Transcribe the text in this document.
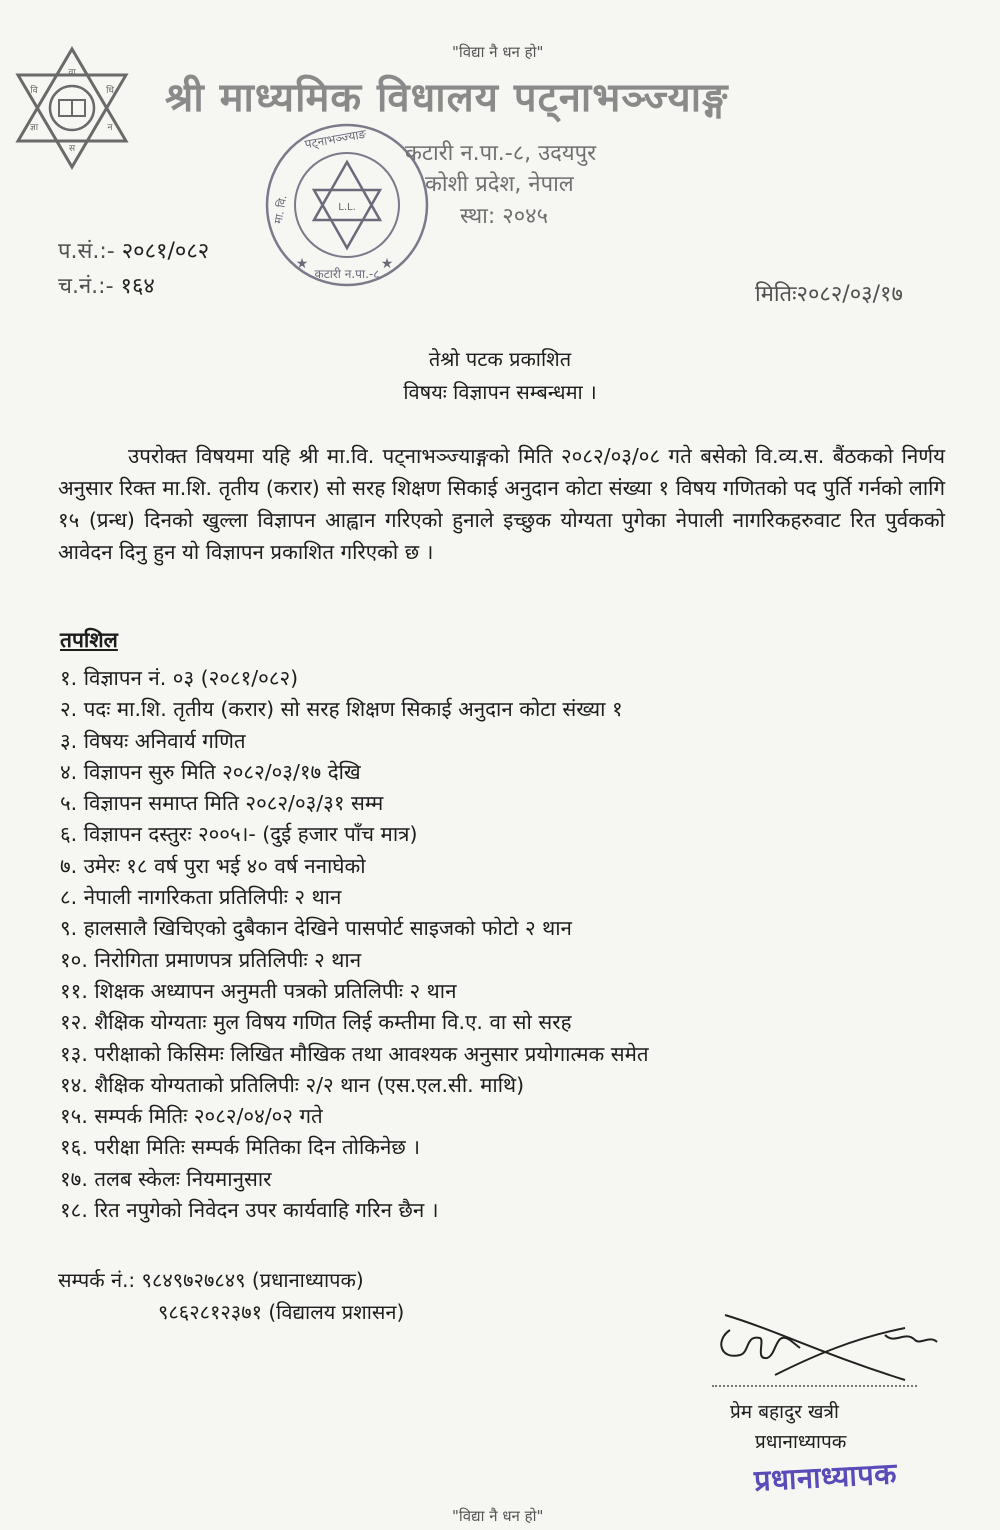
"विद्या नै धन हो"
वा
वि	धि
ज्ञा	न
स
श्री माध्यमिक विधालय पट्नाभञ्ज्याङ्ग
L.L.
पट्नाभञ्ज्याङ
कटारी न.पा.-८
मा. वि.
★
★
कटारी न.पा.-८, उदयपुर
कोशी प्रदेश, नेपाल
स्था: २०४५
प.सं.:- २०८१/०८२
च.नं.:- १६४	मितिः२०८२/०३/१७
तेश्रो पटक प्रकाशित
विषयः विज्ञापन सम्बन्धमा ।

उपरोक्त विषयमा यहि श्री मा.वि. पट्नाभञ्ज्याङ्गको मिति २०८२/०३/०८ गते बसेको वि.व्य.स. बैंठकको निर्णय अनुसार रिक्त मा.शि. तृतीय (करार) सो सरह शिक्षण सिकाई अनुदान कोटा संख्या १ विषय गणितको पद पुर्ति गर्नको लागि १५ (प्रन्ध) दिनको खुल्ला विज्ञापन आह्वान गरिएको हुनाले इच्छुक योग्यता पुगेका नेपाली नागरिकहरुवाट रित पुर्वकको आवेदन दिनु हुन यो विज्ञापन प्रकाशित गरिएको छ ।

तपशिल
१. विज्ञापन नं. ०३ (२०८१/०८२)
२. पदः मा.शि. तृतीय (करार) सो सरह शिक्षण सिकाई अनुदान कोटा संख्या १
३. विषयः अनिवार्य गणित
४. विज्ञापन सुरु मिति २०८२/०३/१७ देखि
५. विज्ञापन समाप्त मिति २०८२/०३/३१ सम्म
६. विज्ञापन दस्तुरः २००५।- (दुई हजार पाँच मात्र)
७. उमेरः १८ वर्ष पुरा भई ४० वर्ष ननाघेको
८. नेपाली नागरिकता प्रतिलिपीः २ थान
९. हालसालै खिचिएको दुबैकान देखिने पासपोर्ट साइजको फोटो २ थान
१०. निरोगिता प्रमाणपत्र प्रतिलिपीः २ थान
११. शिक्षक अध्यापन अनुमती पत्रको प्रतिलिपीः २ थान
१२. शैक्षिक योग्यताः मुल विषय गणित लिई कम्तीमा वि.ए. वा सो सरह
१३. परीक्षाको किसिमः लिखित मौखिक तथा आवश्यक अनुसार प्रयोगात्मक समेत
१४. शैक्षिक योग्यताको प्रतिलिपीः २/२ थान (एस.एल.सी. माथि)
१५. सम्पर्क मितिः २०८२/०४/०२ गते
१६. परीक्षा मितिः सम्पर्क मितिका दिन तोकिनेछ ।
१७. तलब स्केलः नियमानुसार
१८. रित नपुगेको निवेदन उपर कार्यवाहि गरिन छैन ।
सम्पर्क नं.: ९८४९७२७८४९ (प्रधानाध्यापक)
९८६२८१२३७१ (विद्यालय प्रशासन)
प्रेम बहादुर खत्री
प्रधानाध्यापक
प्रधानाध्यापक
"विद्या नै धन हो"
